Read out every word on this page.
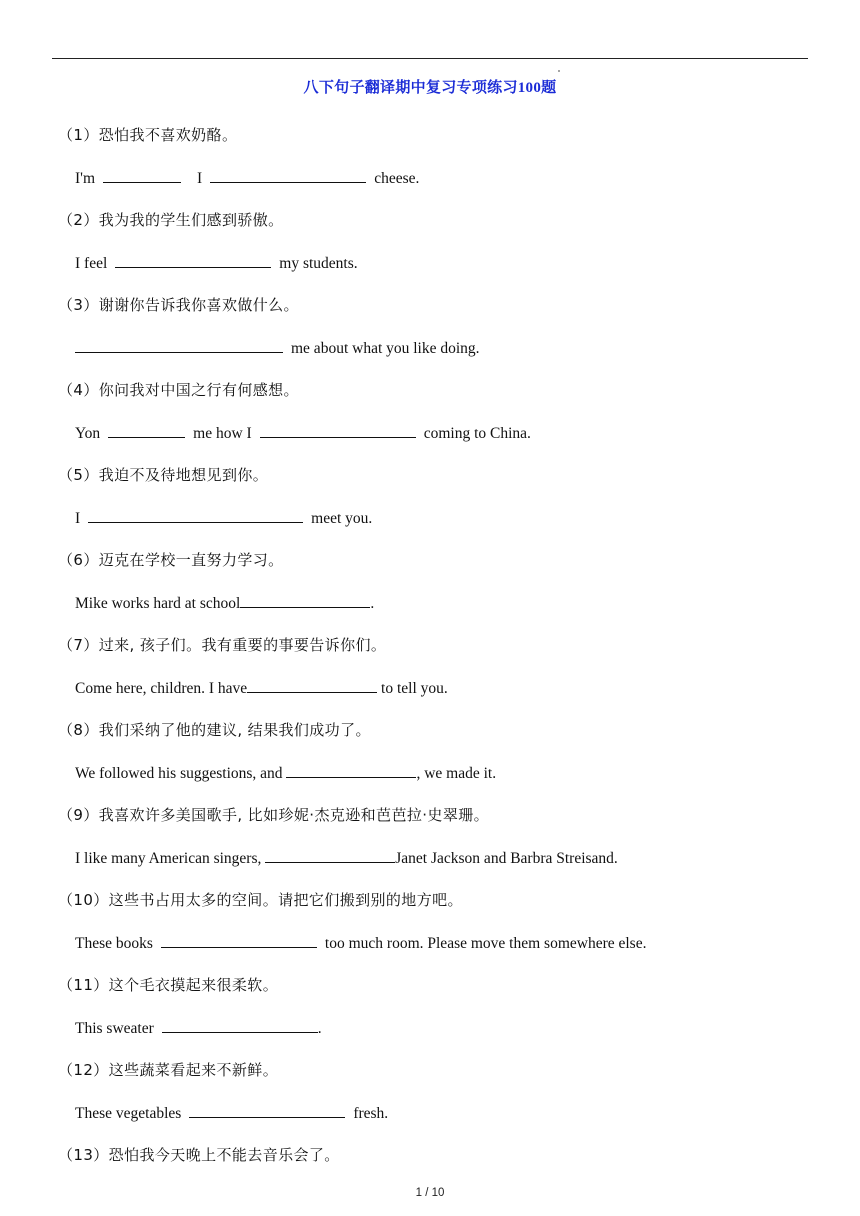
八下句子翻译期中复习专项练习100题
（1）恐怕我不喜欢奶酪。
I'm	I	cheese.
（2）我为我的学生们感到骄傲。
I feel	my students.
（3）谢谢你告诉我你喜欢做什么。
me about what you like doing.
（4）你问我对中国之行有何感想。
Yon	me how I	coming to China.
（5）我迫不及待地想见到你。
I	meet you.
（6）迈克在学校一直努力学习。
Mike works hard at school	.
（7）过来, 孩子们。我有重要的事要告诉你们。
Come here, children. I have	to tell you.
（8）我们采纳了他的建议, 结果我们成功了。
We followed his suggestions, and	, we made it.
（9）我喜欢许多美国歌手, 比如珍妮·杰克逊和芭芭拉·史翠珊。
I like many American singers,	Janet Jackson and Barbra Streisand.
（10）这些书占用太多的空间。请把它们搬到别的地方吧。
These books	too much room. Please move them somewhere else.
（11）这个毛衣摸起来很柔软。
This sweater	.
（12）这些蔬菜看起来不新鲜。
These vegetables	fresh.
（13）恐怕我今天晚上不能去音乐会了。
1 / 10
